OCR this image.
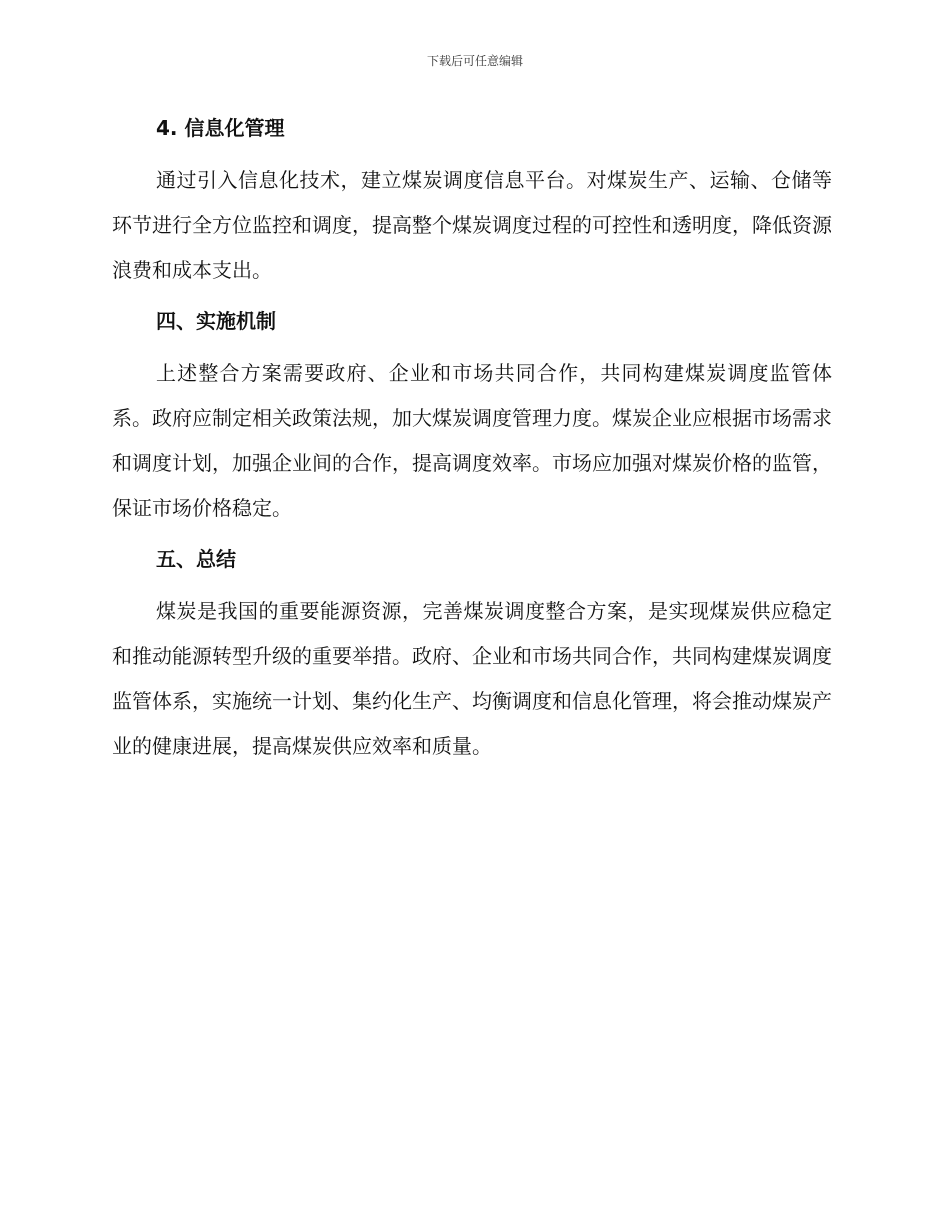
下载后可任意编辑
4. 信息化管理
通过引入信息化技术，建立煤炭调度信息平台。对煤炭生产、运输、仓储等环节进行全方位监控和调度，提高整个煤炭调度过程的可控性和透明度，降低资源浪费和成本支出。
四、实施机制
上述整合方案需要政府、企业和市场共同合作，共同构建煤炭调度监管体系。政府应制定相关政策法规，加大煤炭调度管理力度。煤炭企业应根据市场需求和调度计划，加强企业间的合作，提高调度效率。市场应加强对煤炭价格的监管，保证市场价格稳定。
五、总结
煤炭是我国的重要能源资源，完善煤炭调度整合方案，是实现煤炭供应稳定和推动能源转型升级的重要举措。政府、企业和市场共同合作，共同构建煤炭调度监管体系，实施统一计划、集约化生产、均衡调度和信息化管理，将会推动煤炭产业的健康进展，提高煤炭供应效率和质量。
